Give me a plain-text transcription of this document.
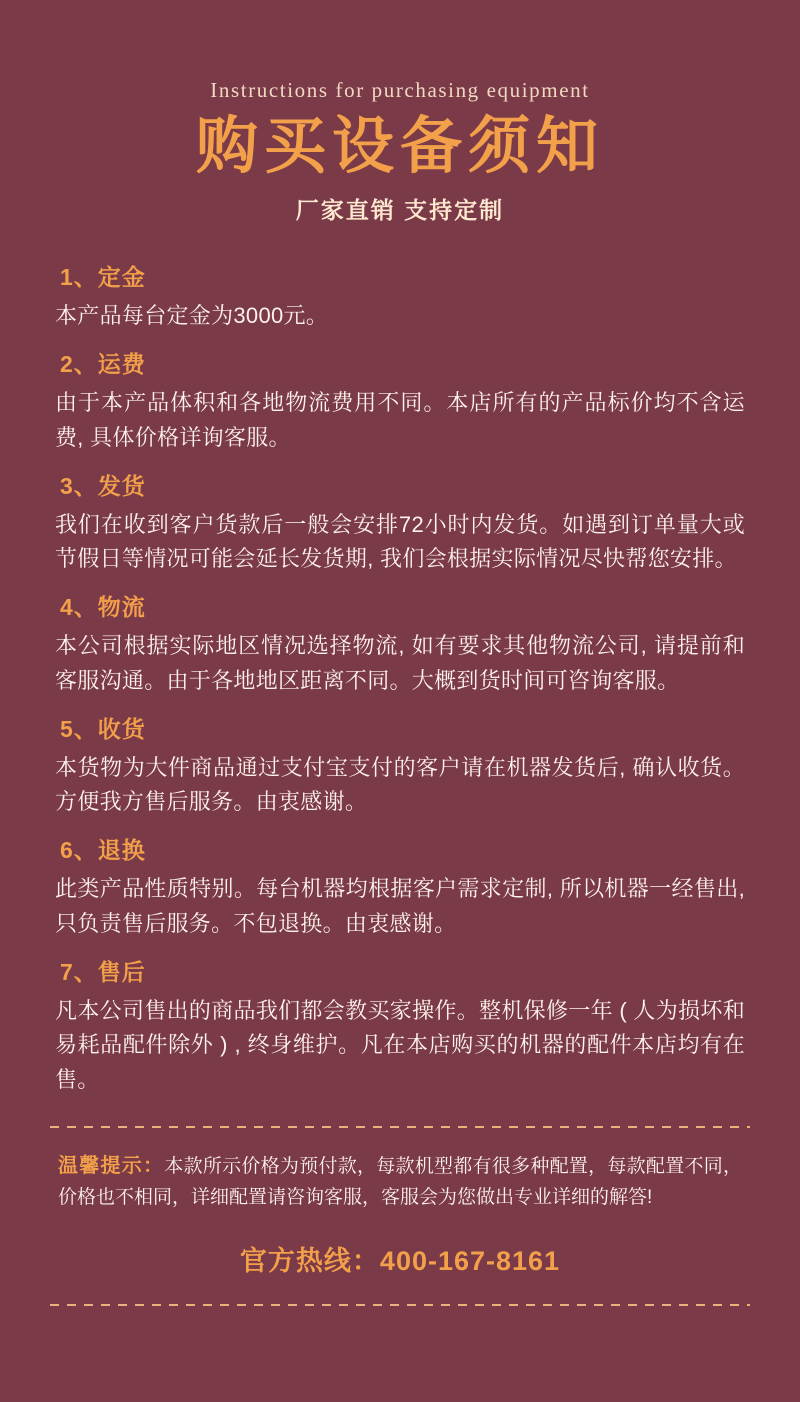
Instructions for purchasing equipment
购买设备须知
厂家直销 支持定制
1、定金
本产品每台定金为3000元。
2、运费
由于本产品体积和各地物流费用不同。本店所有的产品标价均不含运费, 具体价格详询客服。
3、发货
我们在收到客户货款后一般会安排72小时内发货。如遇到订单量大或节假日等情况可能会延长发货期, 我们会根据实际情况尽快帮您安排。
4、物流
本公司根据实际地区情况选择物流, 如有要求其他物流公司, 请提前和客服沟通。由于各地地区距离不同。大概到货时间可咨询客服。
5、收货
本货物为大件商品通过支付宝支付的客户请在机器发货后, 确认收货。方便我方售后服务。由衷感谢。
6、退换
此类产品性质特别。每台机器均根据客户需求定制, 所以机器一经售出, 只负责售后服务。不包退换。由衷感谢。
7、售后
凡本公司售出的商品我们都会教买家操作。整机保修一年 ( 人为损坏和易耗品配件除外 ) , 终身维护。凡在本店购买的机器的配件本店均有在售。
温馨提示：本款所示价格为预付款，每款机型都有很多种配置，每款配置不同，价格也不相同，详细配置请咨询客服，客服会为您做出专业详细的解答!
官方热线：400-167-8161
